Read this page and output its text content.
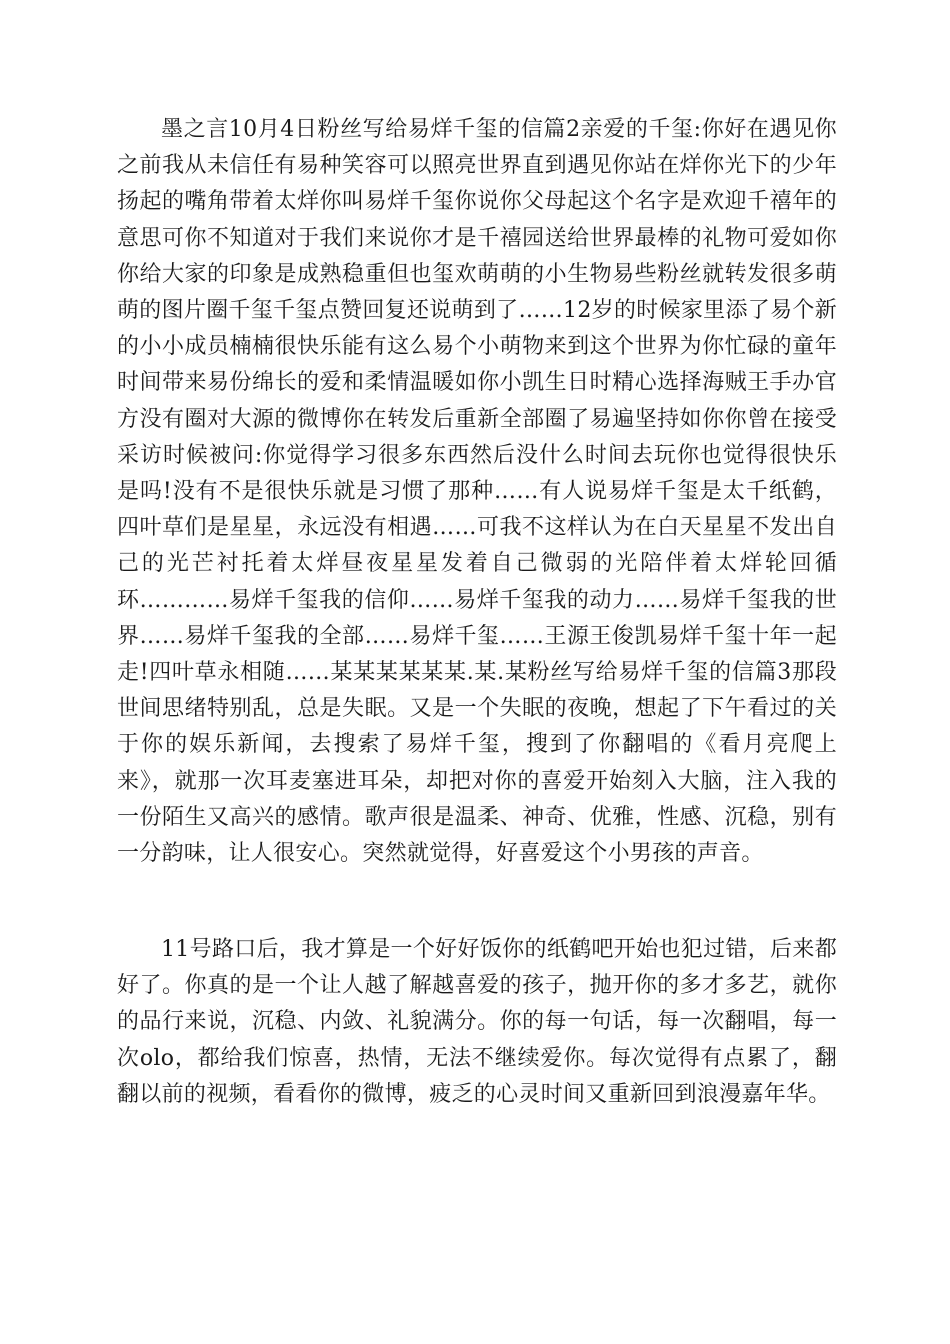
墨之言10月4日粉丝写给易烊千玺的信篇2亲爱的千玺:你好在遇见你之前我从未信任有易种笑容可以照亮世界直到遇见你站在烊你光下的少年扬起的嘴角带着太烊你叫易烊千玺你说你父母起这个名字是欢迎千禧年的意思可你不知道对于我们来说你才是千禧园送给世界最棒的礼物可爱如你你给大家的印象是成熟稳重但也玺欢萌萌的小生物易些粉丝就转发很多萌萌的图片圈千玺千玺点赞回复还说萌到了……12岁的时候家里添了易个新的小小成员楠楠很快乐能有这么易个小萌物来到这个世界为你忙碌的童年时间带来易份绵长的爱和柔情温暖如你小凯生日时精心选择海贼王手办官方没有圈对大源的微博你在转发后重新全部圈了易遍坚持如你你曾在接受采访时候被问:你觉得学习很多东西然后没什么时间去玩你也觉得很快乐是吗!没有不是很快乐就是习惯了那种……有人说易烊千玺是太千纸鹤，四叶草们是星星，永远没有相遇……可我不这样认为在白天星星不发出自己的光芒衬托着太烊昼夜星星发着自己微弱的光陪伴着太烊轮回循环…………易烊千玺我的信仰……易烊千玺我的动力……易烊千玺我的世界……易烊千玺我的全部……易烊千玺……王源王俊凯易烊千玺十年一起走!四叶草永相随……某某某某某某.某.某粉丝写给易烊千玺的信篇3那段世间思绪特别乱，总是失眠。又是一个失眠的夜晚，想起了下午看过的关于你的娱乐新闻，去搜索了易烊千玺，搜到了你翻唱的《看月亮爬上来》，就那一次耳麦塞进耳朵，却把对你的喜爱开始刻入大脑，注入我的一份陌生又高兴的感情。歌声很是温柔、神奇、优雅，性感、沉稳，别有一分韵味，让人很安心。突然就觉得，好喜爱这个小男孩的声音。

11号路口后，我才算是一个好好饭你的纸鹤吧开始也犯过错，后来都好了。你真的是一个让人越了解越喜爱的孩子，抛开你的多才多艺，就你的品行来说，沉稳、内敛、礼貌满分。你的每一句话，每一次翻唱，每一次olo，都给我们惊喜，热情，无法不继续爱你。每次觉得有点累了，翻翻以前的视频，看看你的微博，疲乏的心灵时间又重新回到浪漫嘉年华。
